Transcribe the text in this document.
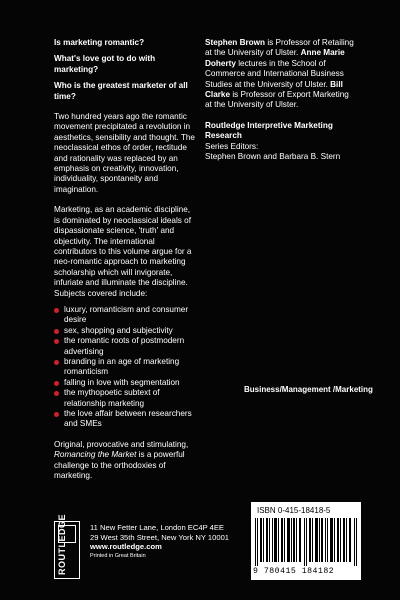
Is marketing romantic?
What's love got to do with marketing?
Who is the greatest marketer of all time?
Two hundred years ago the romantic movement precipitated a revolution in aesthetics, sensibility and thought. The neoclassical ethos of order, rectitude and rationality was replaced by an emphasis on creativity, innovation, individuality, spontaneity and imagination.
Marketing, as an academic discipline, is dominated by neoclassical ideals of dispassionate science, 'truth' and objectivity. The international contributors to this volume argue for a neo-romantic approach to marketing scholarship which will invigorate, infuriate and illuminate the discipline. Subjects covered include:
luxury, romanticism and consumer desire
sex, shopping and subjectivity
the romantic roots of postmodern advertising
branding in an age of marketing romanticism
falling in love with segmentation
the mythopoetic subtext of relationship marketing
the love affair between researchers and SMEs
Original, provocative and stimulating, Romancing the Market is a powerful challenge to the orthodoxies of marketing.
Stephen Brown is Professor of Retailing at the University of Ulster. Anne Marie Doherty lectures in the School of Commerce and International Business Studies at the University of Ulster. Bill Clarke is Professor of Export Marketing at the University of Ulster.
Routledge Interpretive Marketing Research
Series Editors:
Stephen Brown and Barbara B. Stern
Business/Management /Marketing
ROUTLEDGE	11 New Fetter Lane, London EC4P 4EE
29 West 35th Street, New York NY 10001
www.routledge.com
Printed in Great Britain
ISBN 0-415-18418-5
9 780415 184182
